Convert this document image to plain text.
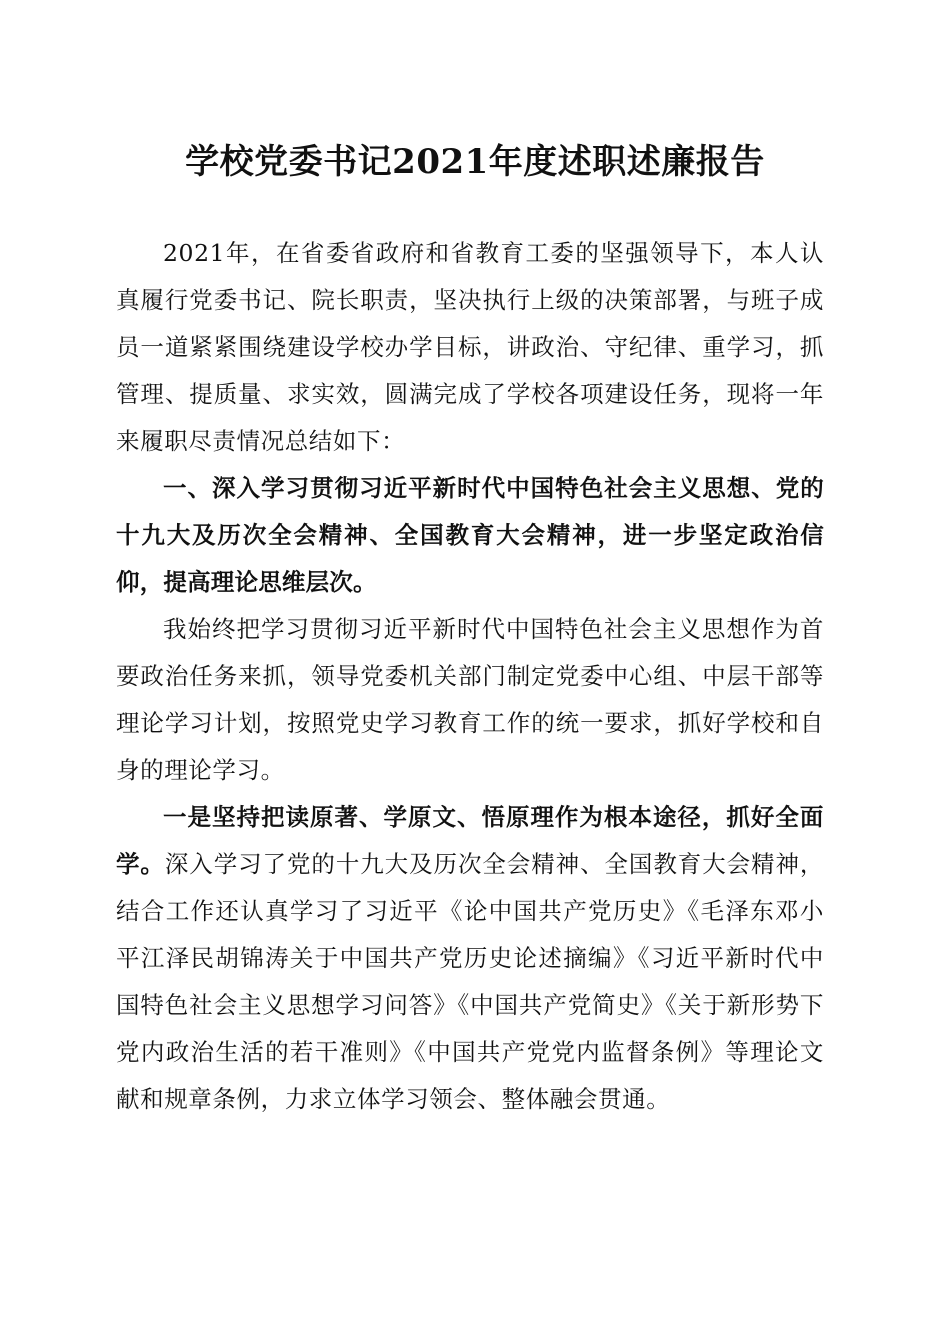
学校党委书记2021年度述职述廉报告

2021年，在省委省政府和省教育工委的坚强领导下，本人认真履行党委书记、院长职责，坚决执行上级的决策部署，与班子成员一道紧紧围绕建设学校办学目标，讲政治、守纪律、重学习，抓管理、提质量、求实效，圆满完成了学校各项建设任务，现将一年来履职尽责情况总结如下：

一、深入学习贯彻习近平新时代中国特色社会主义思想、党的十九大及历次全会精神、全国教育大会精神，进一步坚定政治信仰，提高理论思维层次。

我始终把学习贯彻习近平新时代中国特色社会主义思想作为首要政治任务来抓，领导党委机关部门制定党委中心组、中层干部等理论学习计划，按照党史学习教育工作的统一要求，抓好学校和自身的理论学习。

一是坚持把读原著、学原文、悟原理作为根本途径，抓好全面学。深入学习了党的十九大及历次全会精神、全国教育大会精神，结合工作还认真学习了习近平《论中国共产党历史》《毛泽东邓小平江泽民胡锦涛关于中国共产党历史论述摘编》《习近平新时代中国特色社会主义思想学习问答》《中国共产党简史》《关于新形势下党内政治生活的若干准则》《中国共产党党内监督条例》等理论文献和规章条例，力求立体学习领会、整体融会贯通。
